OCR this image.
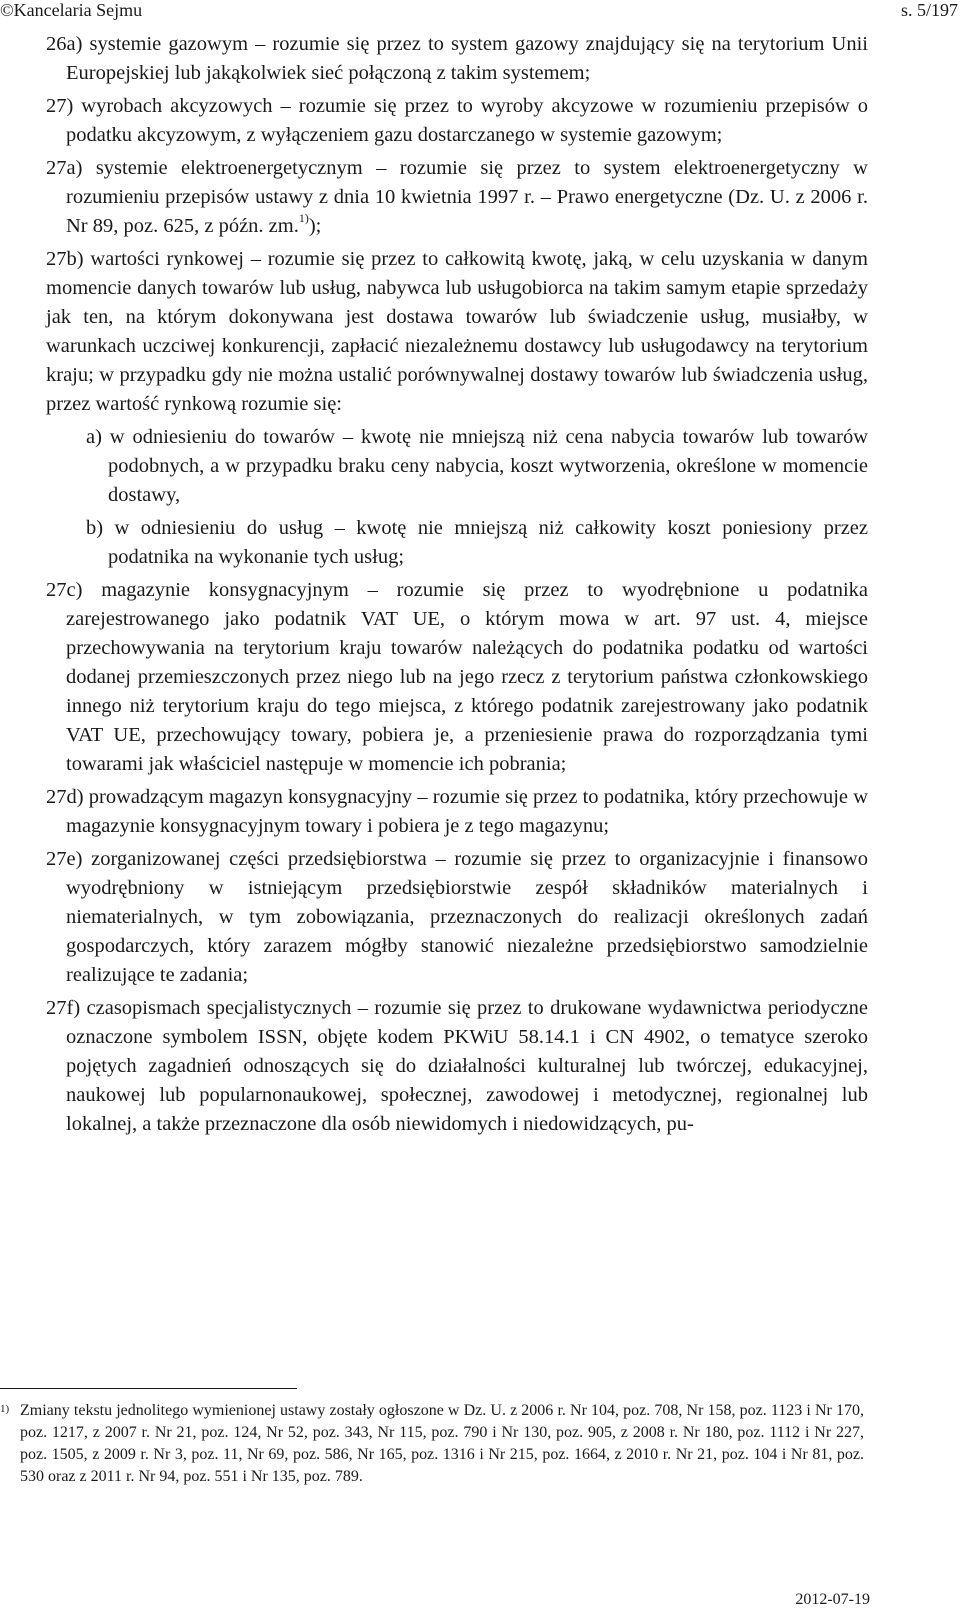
©Kancelaria Sejmu	s. 5/197

26a) systemie gazowym – rozumie się przez to system gazowy znajdujący się na terytorium Unii Europejskiej lub jakąkolwiek sieć połączoną z takim systemem;

27) wyrobach akcyzowych – rozumie się przez to wyroby akcyzowe w rozumieniu przepisów o podatku akcyzowym, z wyłączeniem gazu dostarczanego w systemie gazowym;

27a) systemie elektroenergetycznym – rozumie się przez to system elektroenergetyczny w rozumieniu przepisów ustawy z dnia 10 kwietnia 1997 r. – Prawo energetyczne (Dz. U. z 2006 r. Nr 89, poz. 625, z późn. zm.$^{1)}$);

27b) wartości rynkowej – rozumie się przez to całkowitą kwotę, jaką, w celu uzyskania w danym momencie danych towarów lub usług, nabywca lub usługobiorca na takim samym etapie sprzedaży jak ten, na którym dokonywana jest dostawa towarów lub świadczenie usług, musiałby, w warunkach uczciwej konkurencji, zapłacić niezależnemu dostawcy lub usługodawcy na terytorium kraju; w przypadku gdy nie można ustalić porównywalnej dostawy towarów lub świadczenia usług, przez wartość rynkową rozumie się:

a) w odniesieniu do towarów – kwotę nie mniejszą niż cena nabycia towarów lub towarów podobnych, a w przypadku braku ceny nabycia, koszt wytworzenia, określone w momencie dostawy,

b) w odniesieniu do usług – kwotę nie mniejszą niż całkowity koszt poniesiony przez podatnika na wykonanie tych usług;

27c) magazynie konsygnacyjnym – rozumie się przez to wyodrębnione u podatnika zarejestrowanego jako podatnik VAT UE, o którym mowa w art. 97 ust. 4, miejsce przechowywania na terytorium kraju towarów należących do podatnika podatku od wartości dodanej przemieszczonych przez niego lub na jego rzecz z terytorium państwa członkowskiego innego niż terytorium kraju do tego miejsca, z którego podatnik zarejestrowany jako podatnik VAT UE, przechowujący towary, pobiera je, a przeniesienie prawa do rozporządzania tymi towarami jak właściciel następuje w momencie ich pobrania;

27d) prowadzącym magazyn konsygnacyjny – rozumie się przez to podatnika, który przechowuje w magazynie konsygnacyjnym towary i pobiera je z tego magazynu;

27e) zorganizowanej części przedsiębiorstwa – rozumie się przez to organizacyjnie i finansowo wyodrębniony w istniejącym przedsiębiorstwie zespół składników materialnych i niematerialnych, w tym zobowiązania, przeznaczonych do realizacji określonych zadań gospodarczych, który zarazem mógłby stanowić niezależne przedsiębiorstwo samodzielnie realizujące te zadania;

27f) czasopismach specjalistycznych – rozumie się przez to drukowane wydawnictwa periodyczne oznaczone symbolem ISSN, objęte kodem PKWiU 58.14.1 i CN 4902, o tematyce szeroko pojętych zagadnień odnoszących się do działalności kulturalnej lub twórczej, edukacyjnej, naukowej lub popularnonaukowej, społecznej, zawodowej i metodycznej, regionalnej lub lokalnej, a także przeznaczone dla osób niewidomych i niedowidzących, pu-

1) Zmiany tekstu jednolitego wymienionej ustawy zostały ogłoszone w Dz. U. z 2006 r. Nr 104, poz. 708, Nr 158, poz. 1123 i Nr 170, poz. 1217, z 2007 r. Nr 21, poz. 124, Nr 52, poz. 343, Nr 115, poz. 790 i Nr 130, poz. 905, z 2008 r. Nr 180, poz. 1112 i Nr 227, poz. 1505, z 2009 r. Nr 3, poz. 11, Nr 69, poz. 586, Nr 165, poz. 1316 i Nr 215, poz. 1664, z 2010 r. Nr 21, poz. 104 i Nr 81, poz. 530 oraz z 2011 r. Nr 94, poz. 551 i Nr 135, poz. 789.
2012-07-19
